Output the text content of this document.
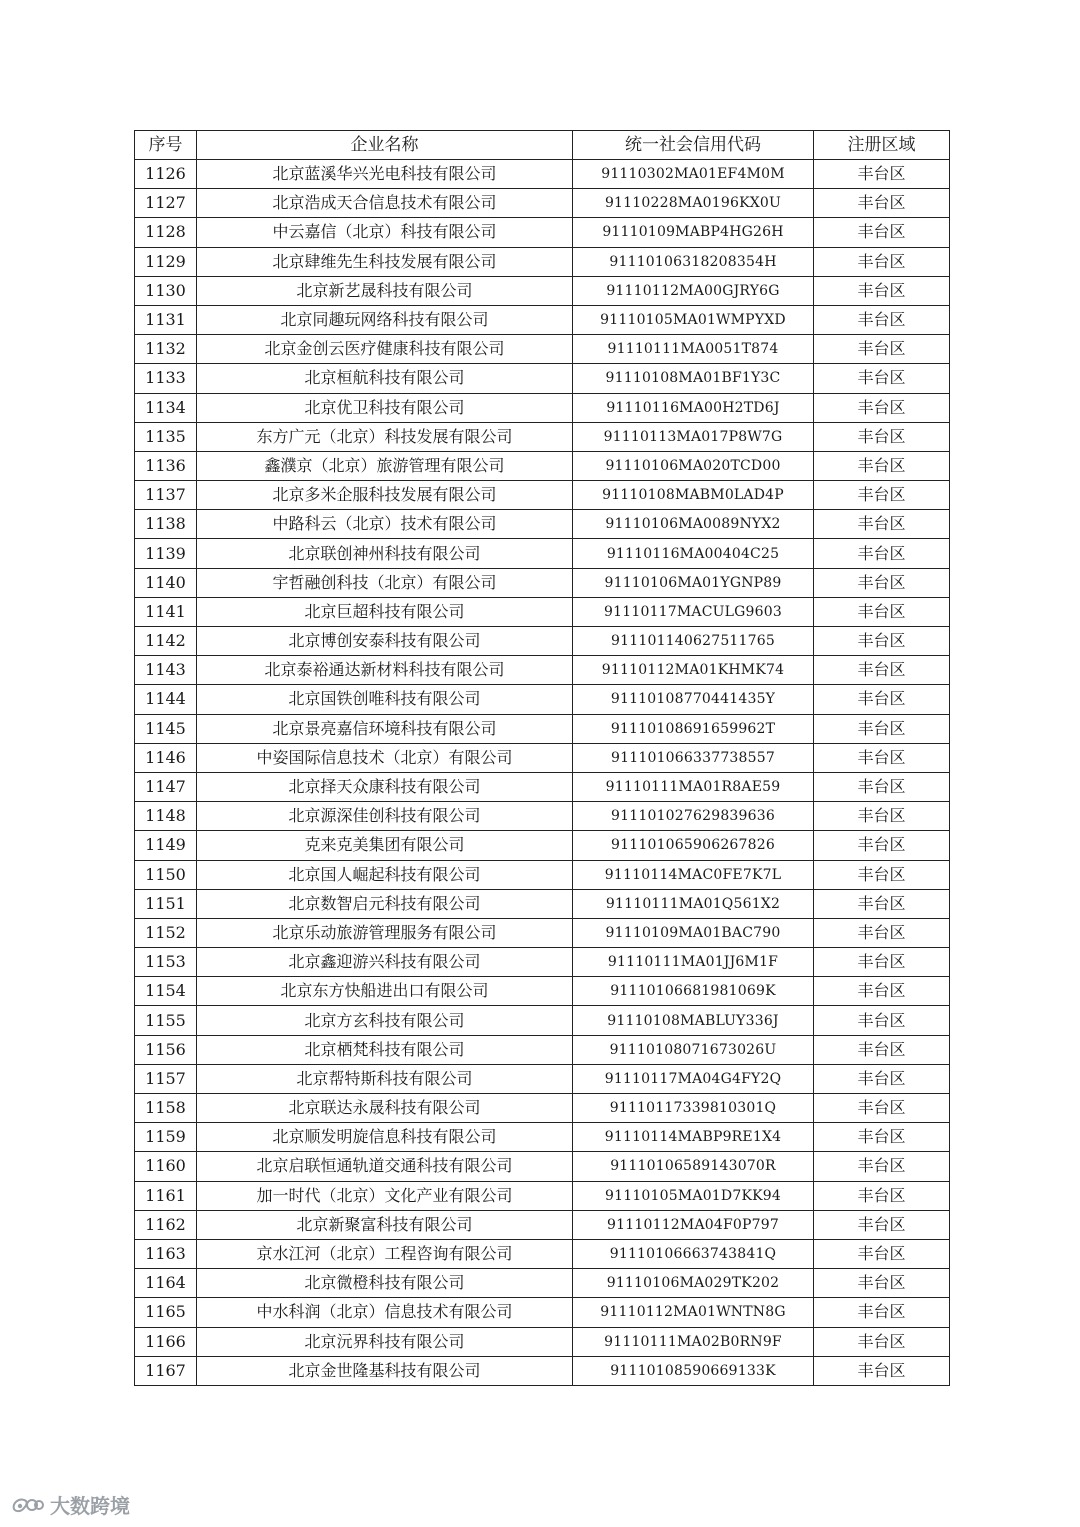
序号	企业名称	统一社会信用代码	注册区域
1126	北京蓝溪华兴光电科技有限公司	91110302MA01EF4M0M	丰台区
1127	北京浩成天合信息技术有限公司	91110228MA0196KX0U	丰台区
1128	中云嘉信（北京）科技有限公司	91110109MABP4HG26H	丰台区
1129	北京肆维先生科技发展有限公司	91110106318208354H	丰台区
1130	北京新艺晟科技有限公司	91110112MA00GJRY6G	丰台区
1131	北京同趣玩网络科技有限公司	91110105MA01WMPYXD	丰台区
1132	北京金创云医疗健康科技有限公司	91110111MA0051T874	丰台区
1133	北京桓航科技有限公司	91110108MA01BF1Y3C	丰台区
1134	北京优卫科技有限公司	91110116MA00H2TD6J	丰台区
1135	东方广元（北京）科技发展有限公司	91110113MA017P8W7G	丰台区
1136	鑫濮京（北京）旅游管理有限公司	91110106MA020TCD00	丰台区
1137	北京多米企服科技发展有限公司	91110108MABM0LAD4P	丰台区
1138	中路科云（北京）技术有限公司	91110106MA0089NYX2	丰台区
1139	北京联创神州科技有限公司	91110116MA00404C25	丰台区
1140	宇哲融创科技（北京）有限公司	91110106MA01YGNP89	丰台区
1141	北京巨超科技有限公司	91110117MACULG9603	丰台区
1142	北京博创安泰科技有限公司	911101140627511765	丰台区
1143	北京泰裕通达新材料科技有限公司	91110112MA01KHMK74	丰台区
1144	北京国铁创唯科技有限公司	91110108770441435Y	丰台区
1145	北京景亮嘉信环境科技有限公司	91110108691659962T	丰台区
1146	中姿国际信息技术（北京）有限公司	911101066337738557	丰台区
1147	北京择天众康科技有限公司	91110111MA01R8AE59	丰台区
1148	北京源深佳创科技有限公司	911101027629839636	丰台区
1149	克来克美集团有限公司	911101065906267826	丰台区
1150	北京国人崛起科技有限公司	91110114MAC0FE7K7L	丰台区
1151	北京数智启元科技有限公司	91110111MA01Q561X2	丰台区
1152	北京乐动旅游管理服务有限公司	91110109MA01BAC790	丰台区
1153	北京鑫迎游兴科技有限公司	91110111MA01JJ6M1F	丰台区
1154	北京东方快船进出口有限公司	91110106681981069K	丰台区
1155	北京方玄科技有限公司	91110108MABLUY336J	丰台区
1156	北京栖梵科技有限公司	91110108071673026U	丰台区
1157	北京帮特斯科技有限公司	91110117MA04G4FY2Q	丰台区
1158	北京联达永晟科技有限公司	91110117339810301Q	丰台区
1159	北京顺发明旋信息科技有限公司	91110114MABP9RE1X4	丰台区
1160	北京启联恒通轨道交通科技有限公司	91110106589143070R	丰台区
1161	加一时代（北京）文化产业有限公司	91110105MA01D7KK94	丰台区
1162	北京新聚富科技有限公司	91110112MA04F0P797	丰台区
1163	京水江河（北京）工程咨询有限公司	91110106663743841Q	丰台区
1164	北京微橙科技有限公司	91110106MA029TK202	丰台区
1165	中水科润（北京）信息技术有限公司	91110112MA01WNTN8G	丰台区
1166	北京沅界科技有限公司	91110111MA02B0RN9F	丰台区
1167	北京金世隆基科技有限公司	91110108590669133K	丰台区
大数跨境
